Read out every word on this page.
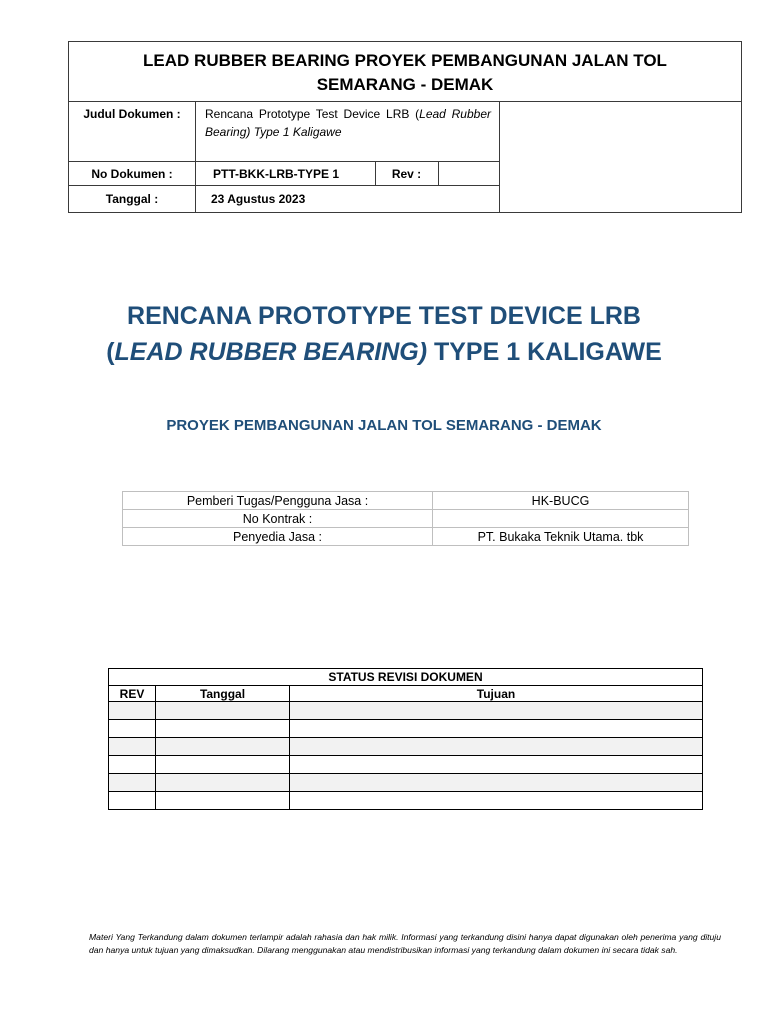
LEAD RUBBER BEARING PROYEK PEMBANGUNAN JALAN TOL
SEMARANG - DEMAK
Judul Dokumen :	Rencana Prototype Test Device LRB (Lead Rubber Bearing) Type 1 Kaligawe
No Dokumen :	PTT-BKK-LRB-TYPE 1	Rev :
Tanggal :	23 Agustus 2023
RENCANA PROTOTYPE TEST DEVICE LRB
(LEAD RUBBER BEARING) TYPE 1 KALIGAWE
PROYEK PEMBANGUNAN JALAN TOL SEMARANG - DEMAK
Pemberi Tugas/Pengguna Jasa :	HK-BUCG
No Kontrak :	
Penyedia Jasa :	PT. Bukaka Teknik Utama. tbk
STATUS REVISI DOKUMEN		
REV	Tanggal	Tujuan

Materi Yang Terkandung dalam dokumen terlampir adalah rahasia dan hak milik. Informasi yang terkandung disini hanya dapat digunakan oleh penerima yang dituju dan hanya untuk tujuan yang dimaksudkan. Dilarang menggunakan atau mendistribusikan informasi yang terkandung dalam dokumen ini secara tidak sah.
